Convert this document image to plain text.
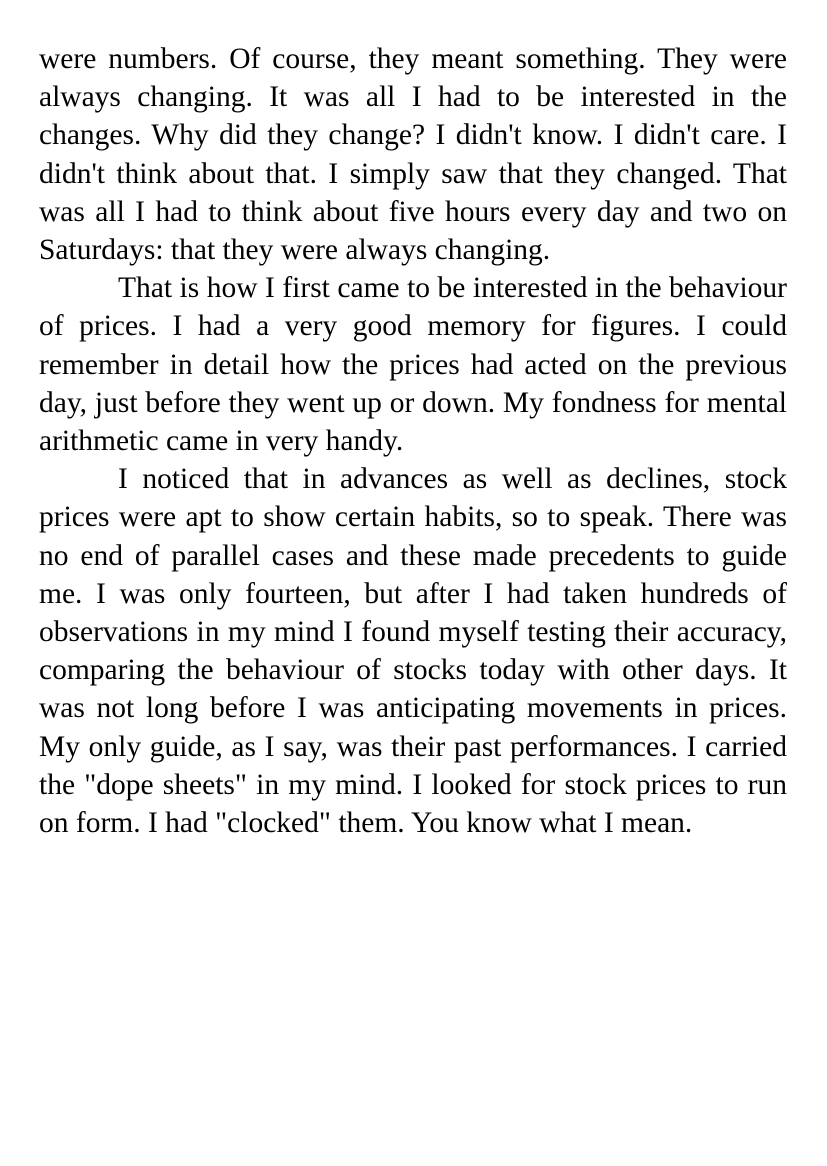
were numbers. Of course, they meant something. They were always changing. It was all I had to be interested in the changes. Why did they change? I didn't know. I didn't care. I didn't think about that. I simply saw that they changed. That was all I had to think about five hours every day and two on Saturdays: that they were always changing.

That is how I first came to be interested in the behaviour of prices. I had a very good memory for figures. I could remember in detail how the prices had acted on the previous day, just before they went up or down. My fondness for mental arithmetic came in very handy.

I noticed that in advances as well as declines, stock prices were apt to show certain habits, so to speak. There was no end of parallel cases and these made precedents to guide me. I was only fourteen, but after I had taken hundreds of observations in my mind I found myself testing their accuracy, comparing the behaviour of stocks today with other days. It was not long before I was anticipating movements in prices. My only guide, as I say, was their past performances. I carried the "dope sheets" in my mind. I looked for stock prices to run on form. I had "clocked" them. You know what I mean.
